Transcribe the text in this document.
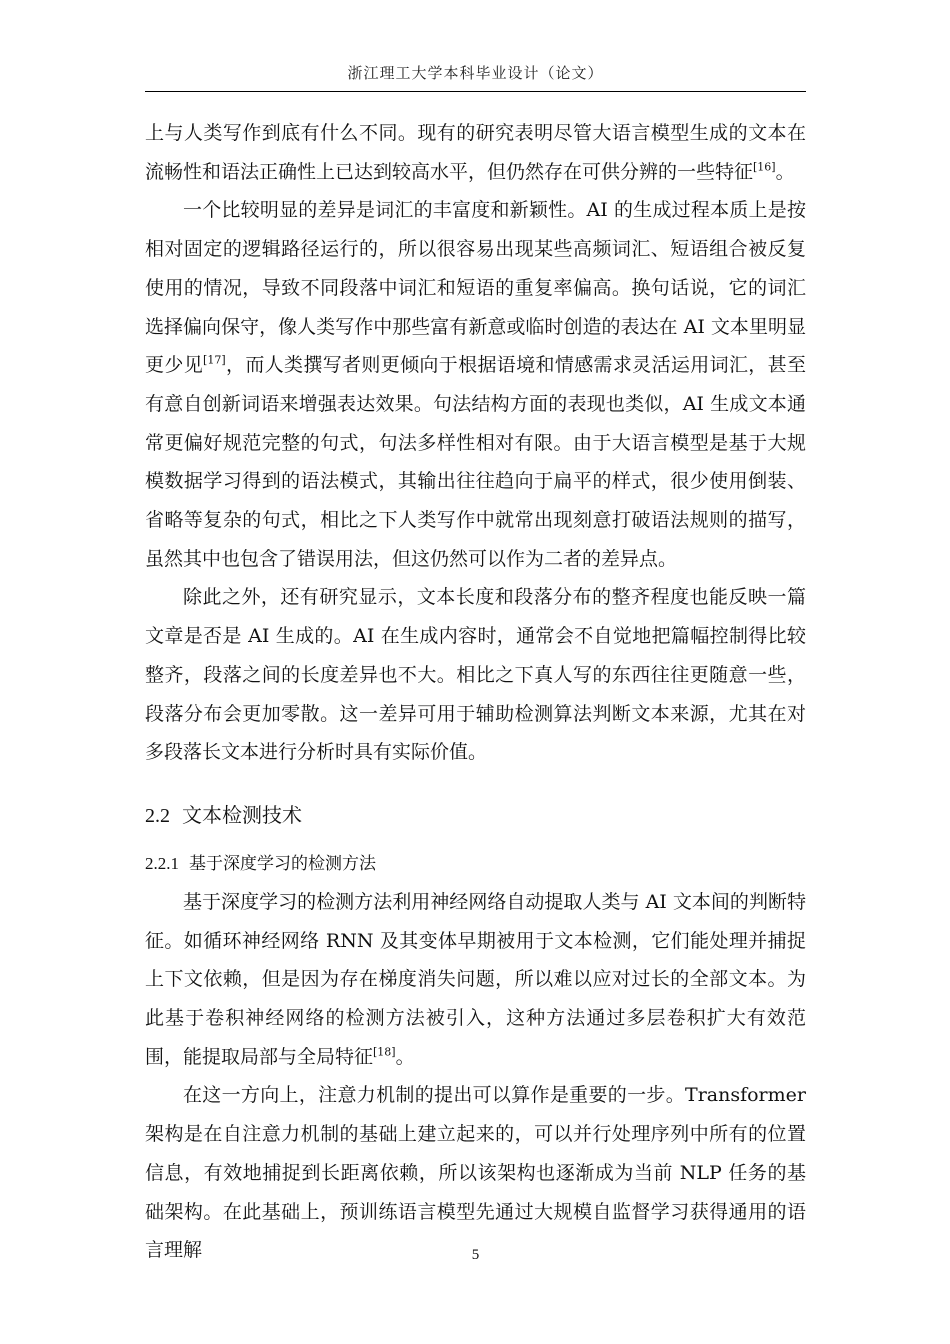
浙江理工大学本科毕业设计（论文）

上与人类写作到底有什么不同。现有的研究表明尽管大语言模型生成的文本在流畅性和语法正确性上已达到较高水平，但仍然存在可供分辨的一些特征[16]。

一个比较明显的差异是词汇的丰富度和新颖性。AI 的生成过程本质上是按相对固定的逻辑路径运行的，所以很容易出现某些高频词汇、短语组合被反复使用的情况，导致不同段落中词汇和短语的重复率偏高。换句话说，它的词汇选择偏向保守，像人类写作中那些富有新意或临时创造的表达在 AI 文本里明显更少见[17]，而人类撰写者则更倾向于根据语境和情感需求灵活运用词汇，甚至有意自创新词语来增强表达效果。句法结构方面的表现也类似，AI 生成文本通常更偏好规范完整的句式，句法多样性相对有限。由于大语言模型是基于大规模数据学习得到的语法模式，其输出往往趋向于扁平的样式，很少使用倒装、省略等复杂的句式，相比之下人类写作中就常出现刻意打破语法规则的描写，虽然其中也包含了错误用法，但这仍然可以作为二者的差异点。

除此之外，还有研究显示，文本长度和段落分布的整齐程度也能反映一篇文章是否是 AI 生成的。AI 在生成内容时，通常会不自觉地把篇幅控制得比较整齐，段落之间的长度差异也不大。相比之下真人写的东西往往更随意一些，段落分布会更加零散。这一差异可用于辅助检测算法判断文本来源，尤其在对多段落长文本进行分析时具有实际价值。

2.2 文本检测技术
2.2.1 基于深度学习的检测方法

基于深度学习的检测方法利用神经网络自动提取人类与 AI 文本间的判断特征。如循环神经网络 RNN 及其变体早期被用于文本检测，它们能处理并捕捉上下文依赖，但是因为存在梯度消失问题，所以难以应对过长的全部文本。为此基于卷积神经网络的检测方法被引入，这种方法通过多层卷积扩大有效范围，能提取局部与全局特征[18]。

在这一方向上，注意力机制的提出可以算作是重要的一步。Transformer 架构是在自注意力机制的基础上建立起来的，可以并行处理序列中所有的位置信息，有效地捕捉到长距离依赖，所以该架构也逐渐成为当前 NLP 任务的基础架构。在此基础上，预训练语言模型先通过大规模自监督学习获得通用的语言理解	5
